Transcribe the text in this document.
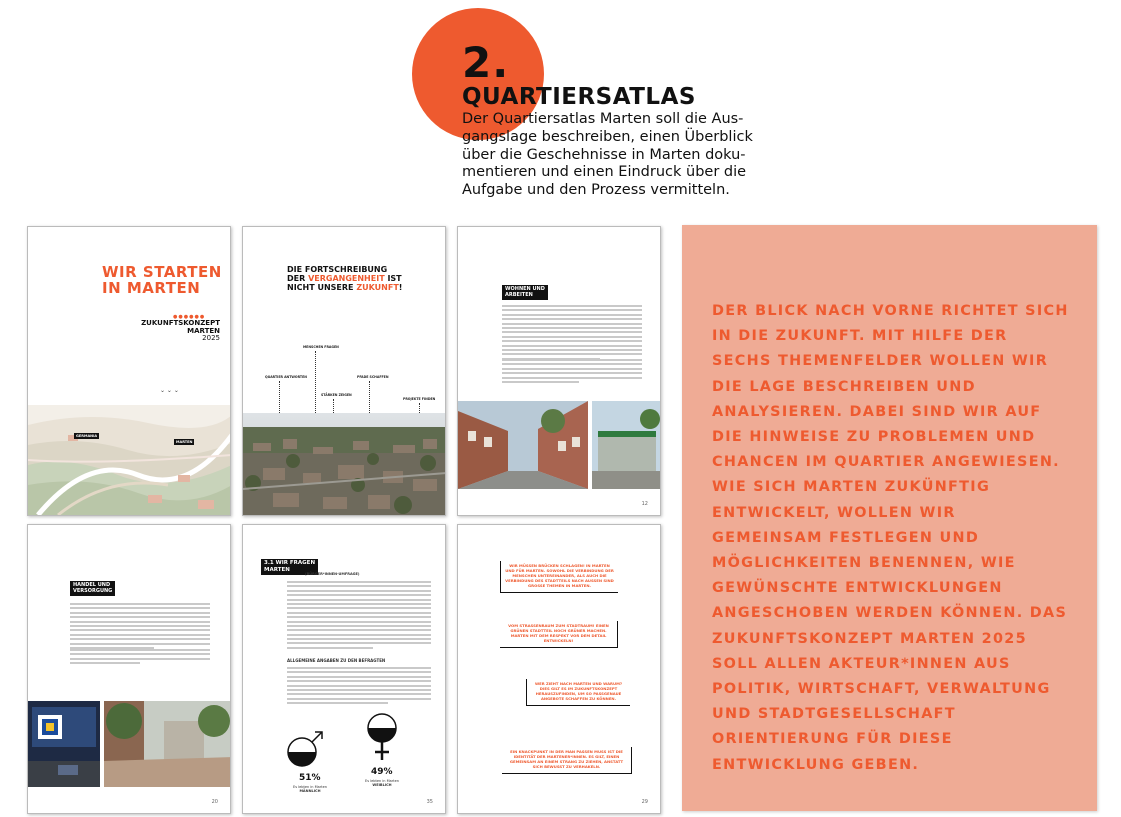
2.
QUARTIERSATLAS
Der Quartiersatlas Marten soll die Aus-
gangslage beschreiben, einen Überblick
über die Geschehnisse in Marten doku-
mentieren und einen Eindruck über die
Aufgabe und den Prozess vermitteln.
WIR STARTEN
IN MARTEN
●●●●●●
ZUKUNFTSKONZEPT
MARTEN
2025
⌄ ⌄ ⌄
GERMANIA
MARTEN
DIE FORTSCHREIBUNG
DER VERGANGENHEIT IST
NICHT UNSERE ZUKUNFT!
QUARTIER ANTWORTEN
MENSCHEN FRAGEN
STÄRKEN ZEIGEN
PFADE SCHAFFEN
PROJEKTE FINDEN
WOHNEN UND
ARBEITEN
12
HANDEL UND
VERSORGUNG
20
3.1 WIR FRAGEN
MARTEN
(BÜRGER*INNEN-UMFRAGE)
ALLGEMEINE ANGABEN ZU DEN BEFRAGTEN
51%
Es lebten in Marten
MÄNNLICH
49%
Es lebten in Marten
WEIBLICH
35
WIR MÜSSEN BRÜCKEN SCHLAGEN! IN MARTEN UND FÜR MARTEN. SOWOHL DIE VERBINDUNG DER MENSCHEN UNTEREINANDER, ALS AUCH DIE VERBINDUNG DES STADTTEILS NACH AUSSEN SIND GROSSE THEMEN IN MARTEN.
VOM STRASSENRAUM ZUM STADTRAUM! EINEN GRÜNEN STADTTEIL NOCH GRÜNER MACHEN. MARTEN MIT DEM RESPEKT VOR DEM DETAIL ENTWICKELN!
WER ZIEHT NACH MARTEN UND WARUM? DIES GILT ES IM ZUKUNFTSKONZEPT HERAUSZUFINDEN, UM SO PASSGENAUE ANGEBOTE SCHAFFEN ZU KÖNNEN.
EIN KNACKPUNKT IN DER MAN PASSEN MUSS IST DIE IDENTITÄT DER MARTENER*INNEN. ES GILT, EINEN GEMEINSAM AN EINEM STRANG ZU ZIEHEN, ANSTATT SICH BEWUSST ZU VERHAKELN.
29
DER BLICK NACH VORNE RICHTET SICH IN DIE ZUKUNFT. MIT HILFE DER SECHS THEMENFELDER WOLLEN WIR DIE LAGE BESCHREIBEN UND ANALYSIEREN. DABEI SIND WIR AUF DIE HINWEISE ZU PROBLEMEN UND CHANCEN IM QUARTIER ANGEWIESEN. WIE SICH MARTEN ZUKÜNFTIG ENTWICKELT, WOLLEN WIR GEMEINSAM FESTLEGEN UND MÖGLICHKEITEN BENENNEN, WIE GEWÜNSCHTE ENTWICKLUNGEN ANGESCHOBEN WERDEN KÖNNEN. DAS ZUKUNFTSKONZEPT MARTEN 2025 SOLL ALLEN AKTEUR*INNEN AUS POLITIK, WIRTSCHAFT, VERWALTUNG UND STADTGESELLSCHAFT ORIENTIERUNG FÜR DIESE ENTWICKLUNG GEBEN.
